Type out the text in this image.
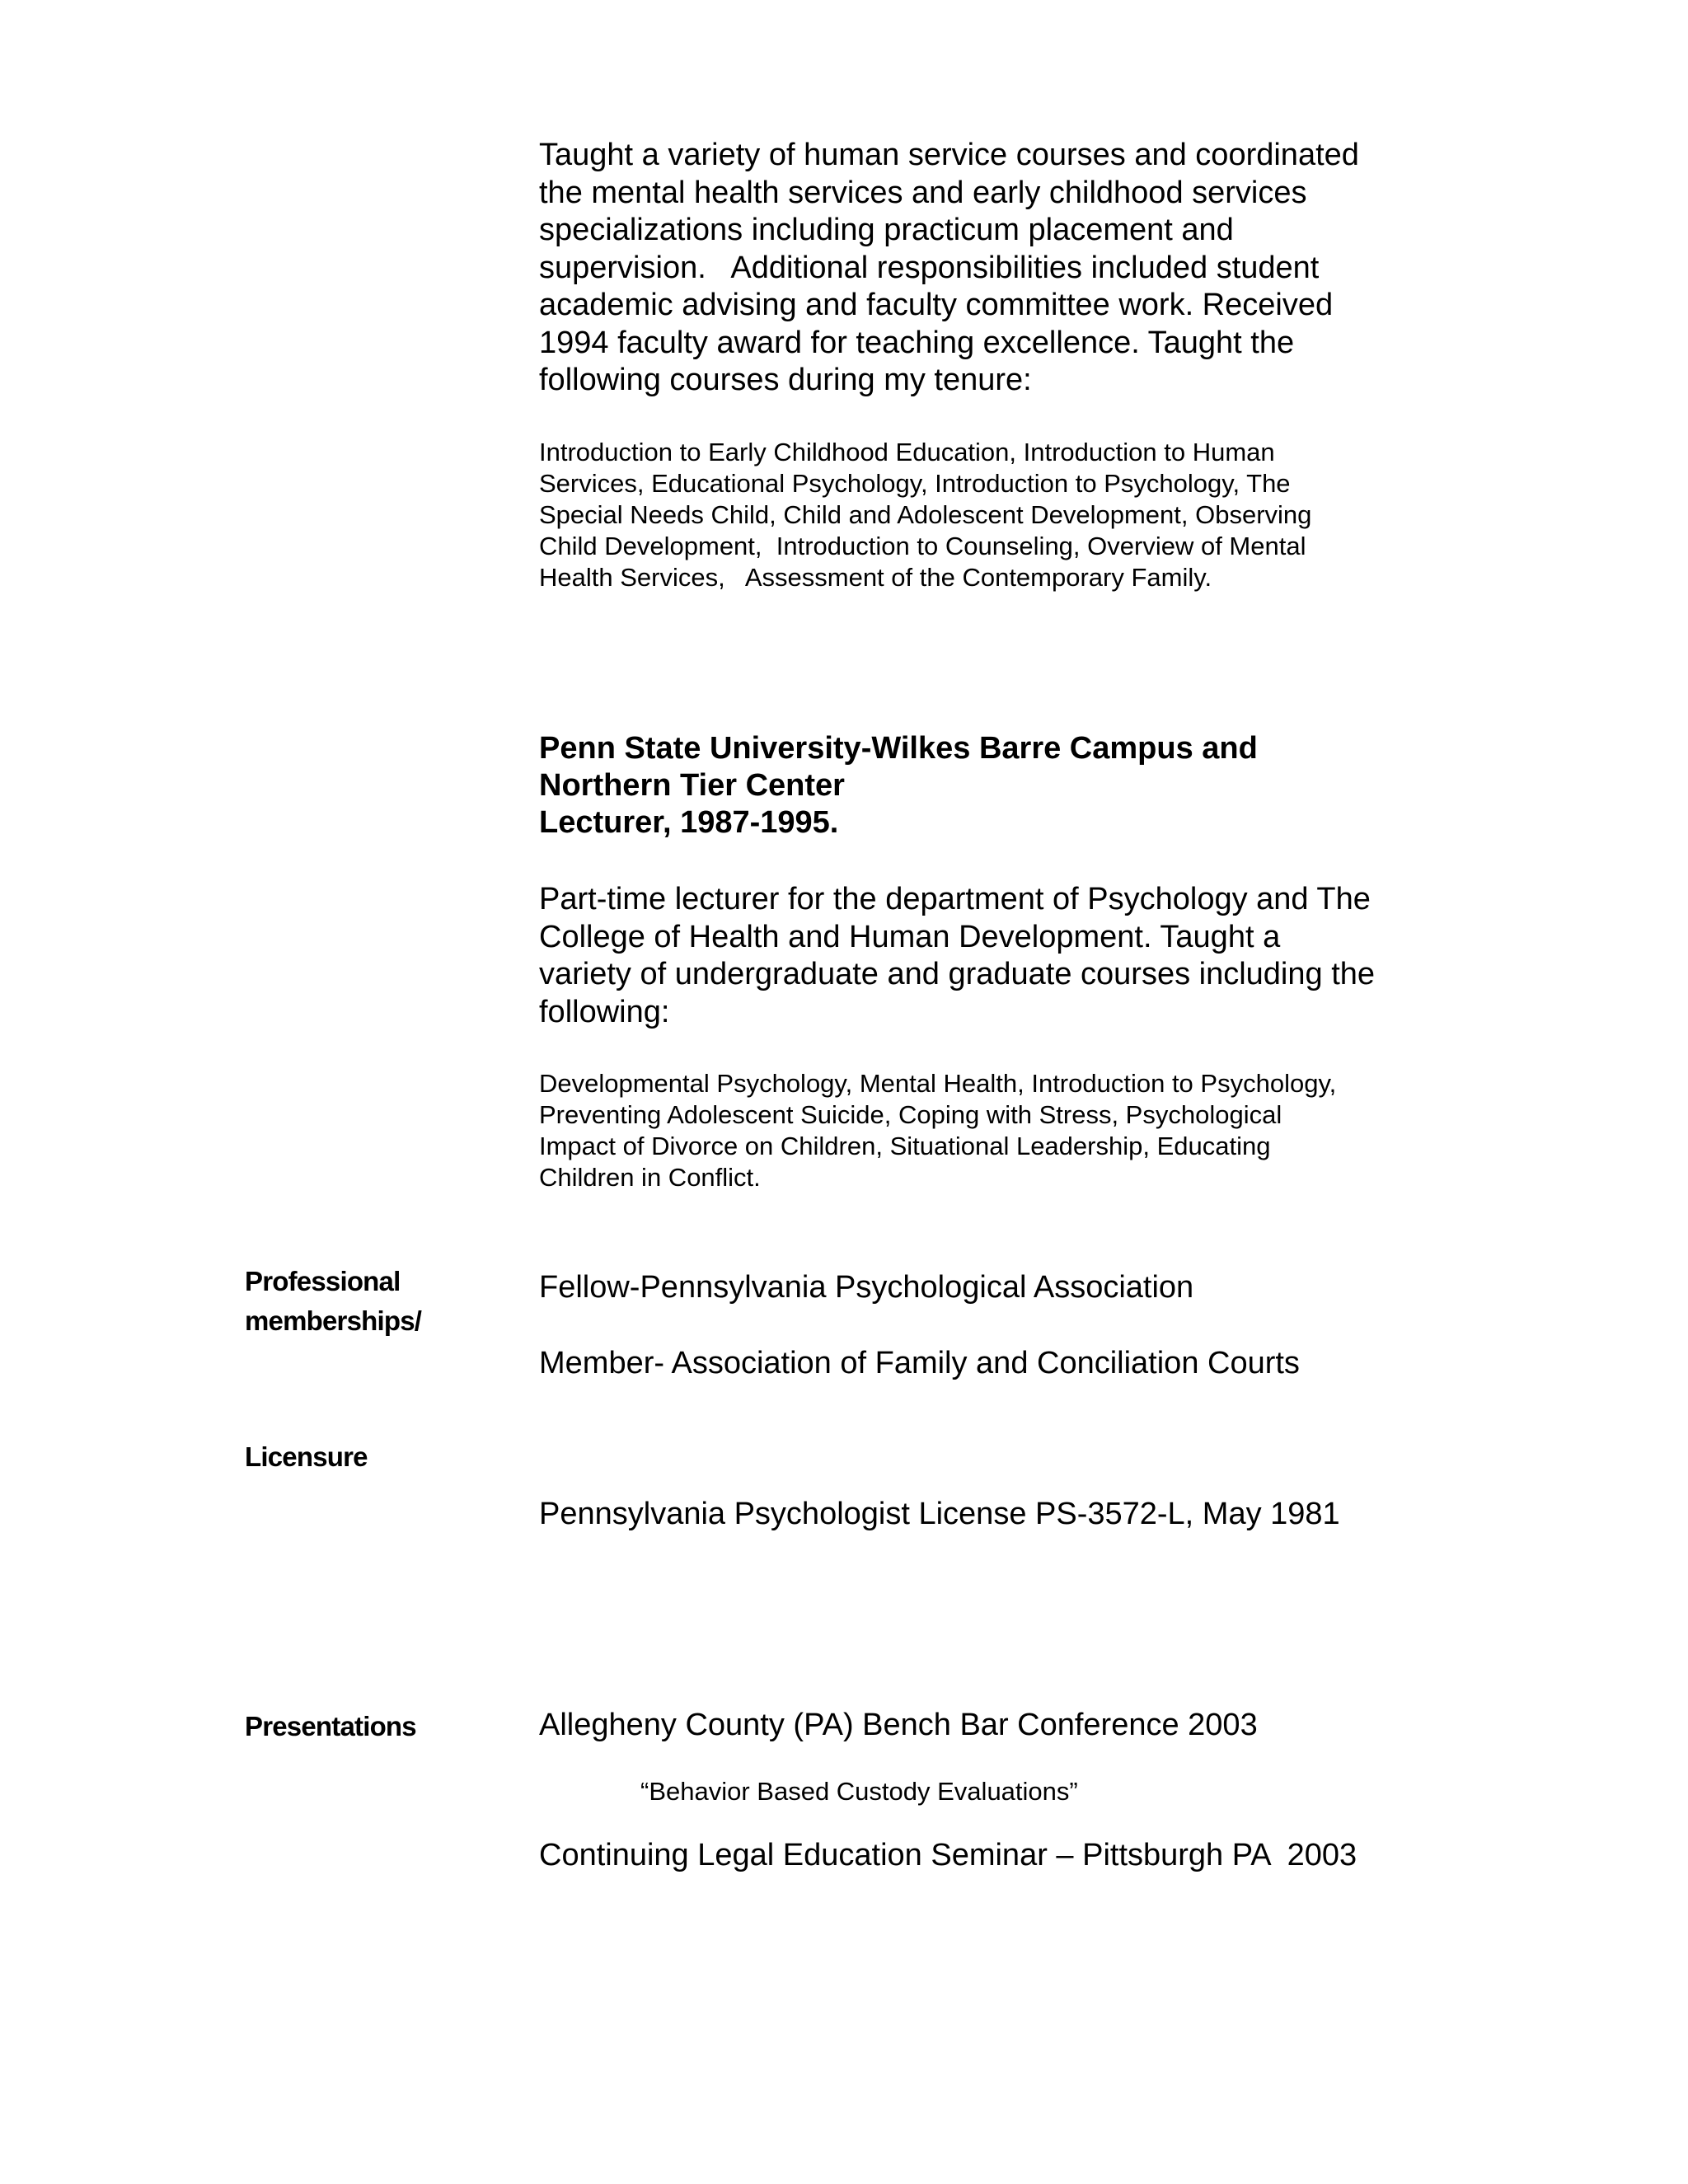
Taught a variety of human service courses and coordinated
the mental health services and early childhood services
specializations including practicum placement and
supervision.   Additional responsibilities included student
academic advising and faculty committee work. Received
1994 faculty award for teaching excellence. Taught the
following courses during my tenure:
Introduction to Early Childhood Education, Introduction to Human
Services, Educational Psychology, Introduction to Psychology, The
Special Needs Child, Child and Adolescent Development, Observing
Child Development,  Introduction to Counseling, Overview of Mental
Health Services,   Assessment of the Contemporary Family.
Penn State University-Wilkes Barre Campus and
Northern Tier Center
Lecturer, 1987-1995.
Part-time lecturer for the department of Psychology and The
College of Health and Human Development. Taught a
variety of undergraduate and graduate courses including the
following:
Developmental Psychology, Mental Health, Introduction to Psychology,
Preventing Adolescent Suicide, Coping with Stress, Psychological
Impact of Divorce on Children, Situational Leadership, Educating
Children in Conflict.
Professional
memberships/
Fellow-Pennsylvania Psychological Association
Member- Association of Family and Conciliation Courts
Licensure
Pennsylvania Psychologist License PS-3572-L, May 1981
Presentations	Allegheny County (PA) Bench Bar Conference 2003
“Behavior Based Custody Evaluations”
Continuing Legal Education Seminar – Pittsburgh PA  2003
